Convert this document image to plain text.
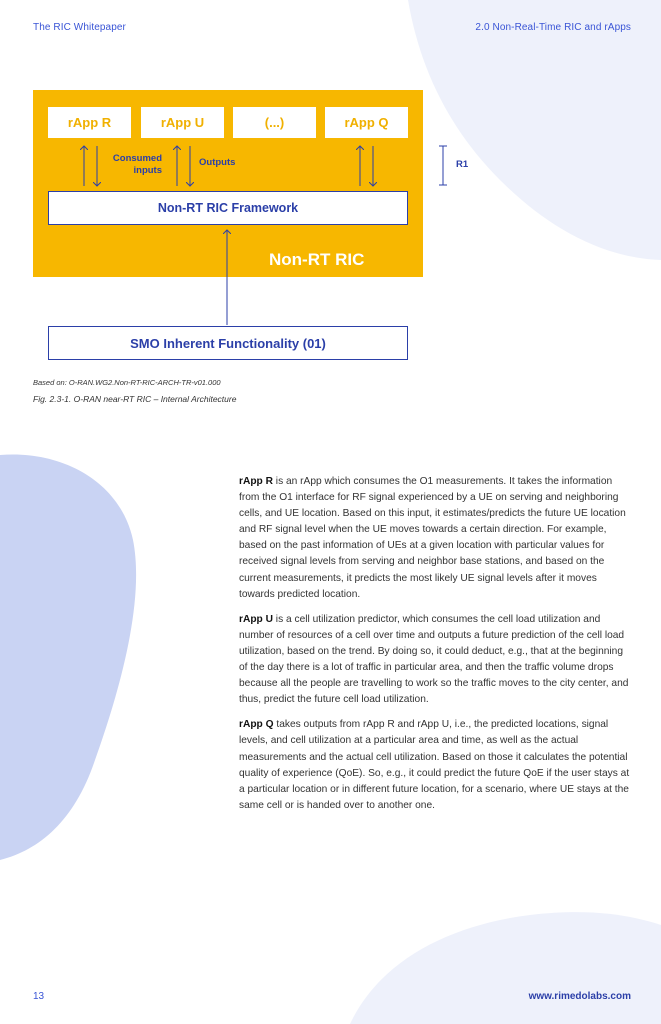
The RIC Whitepaper	2.0 Non-Real-Time RIC and rApps
rApp R	rApp U	(...)	rApp Q
Consumed inputs
Outputs
Non-RT RIC Framework
Non-RT RIC
SMO Inherent Functionality (01)
R1
Based on: O-RAN.WG2.Non-RT-RIC-ARCH-TR-v01.000
Fig. 2.3-1. O-RAN near-RT RIC – Internal Architecture

rApp R is an rApp which consumes the O1 measurements. It takes the information from the O1 interface for RF signal experienced by a UE on serving and neighboring cells, and UE location. Based on this input, it estimates/predicts the future UE location and RF signal level when the UE moves towards a certain direction. For example, based on the past information of UEs at a given location with particular values for received signal levels from serving and neighbor base stations, and based on the current measurements, it predicts the most likely UE signal levels after it moves towards predicted location.

rApp U is a cell utilization predictor, which consumes the cell load utilization and number of resources of a cell over time and outputs a future prediction of the cell load utilization, based on the trend. By doing so, it could deduct, e.g., that at the beginning of the day there is a lot of traffic in particular area, and then the traffic volume drops because all the people are travelling to work so the traffic moves to the city center, and thus, predict the future cell load utilization.

rApp Q takes outputs from rApp R and rApp U, i.e., the predicted locations, signal levels, and cell utilization at a particular area and time, as well as the actual measurements and the actual cell utilization. Based on those it calculates the potential quality of experience (QoE). So, e.g., it could predict the future QoE if the user stays at a particular location or in different future location, for a scenario, where UE stays at the same cell or is handed over to another one.

13	www.rimedolabs.com
